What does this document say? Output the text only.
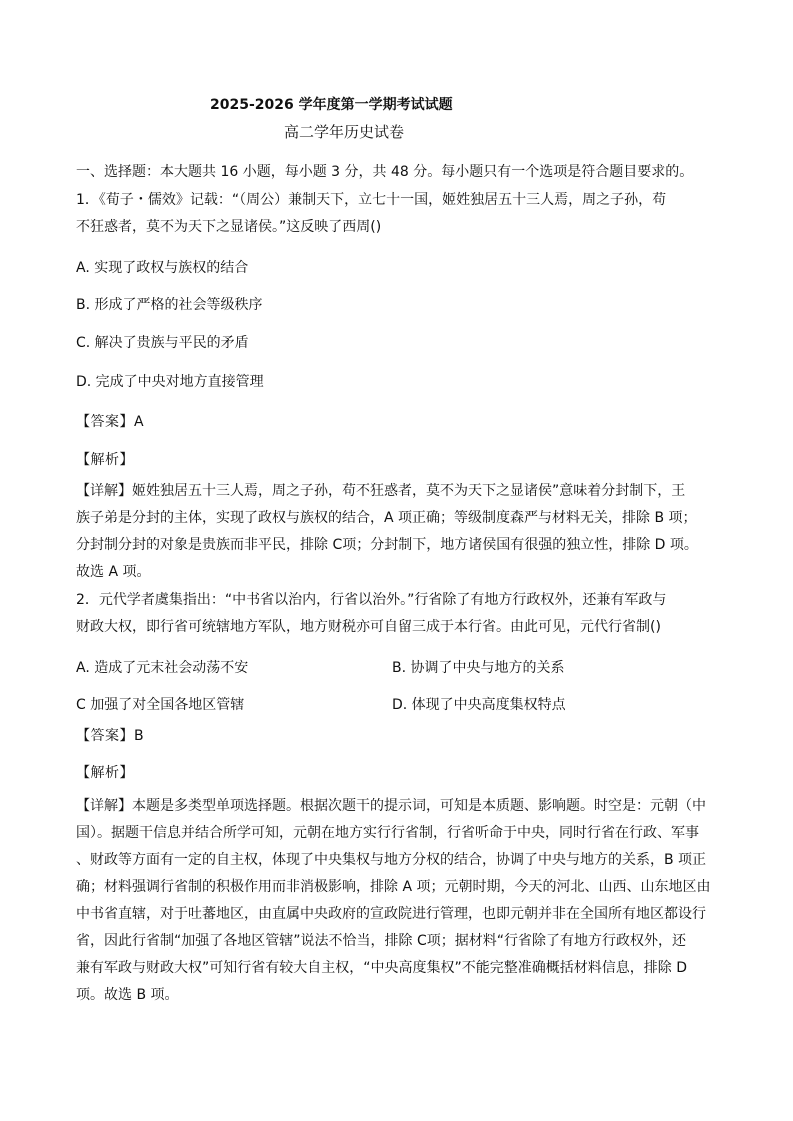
2025-2026 学年度第一学期考试试题
高二学年历史试卷
一、选择题：本大题共 16 小题，每小题 3 分，共 48 分。每小题只有一个选项是符合题目要求的。
1．《荀子・儒效》记载：“（周公）兼制天下，立七十一国，姬姓独居五十三人焉，周之子孙，苟
不狂惑者，莫不为天下之显诸侯。”这反映了西周()
A. 实现了政权与族权的结合
B. 形成了严格的社会等级秩序
C. 解决了贵族与平民的矛盾
D. 完成了中央对地方直接管理
【答案】A
【解析】
【详解】姬姓独居五十三人焉，周之子孙，苟不狂惑者，莫不为天下之显诸侯”意味着分封制下，王
族子弟是分封的主体，实现了政权与族权的结合，A 项正确；等级制度森严与材料无关，排除 B 项；
分封制分封的对象是贵族而非平民，排除 C项；分封制下，地方诸侯国有很强的独立性，排除 D 项。
故选 A 项。
2．元代学者虞集指出：“中书省以治内，行省以治外。”行省除了有地方行政权外，还兼有军政与
财政大权，即行省可统辖地方军队，地方财税亦可自留三成于本行省。由此可见，元代行省制()
A. 造成了元末社会动荡不安	B. 协调了中央与地方的关系
C 加强了对全国各地区管辖	D. 体现了中央高度集权特点
【答案】B
【解析】
【详解】本题是多类型单项选择题。根据次题干的提示词，可知是本质题、影响题。时空是：元朝（中
国）。据题干信息并结合所学可知，元朝在地方实行行省制，行省听命于中央，同时行省在行政、军事
、财政等方面有一定的自主权，体现了中央集权与地方分权的结合，协调了中央与地方的关系，B 项正
确；材料强调行省制的积极作用而非消极影响，排除 A 项；元朝时期，今天的河北、山西、山东地区由
中书省直辖，对于吐蕃地区，由直属中央政府的宣政院进行管理，也即元朝并非在全国所有地区都设行
省，因此行省制“加强了各地区管辖”说法不恰当，排除 C项；据材料“行省除了有地方行政权外，还
兼有军政与财政大权”可知行省有较大自主权，“中央高度集权”不能完整准确概括材料信息，排除 D
项。故选 B 项。
